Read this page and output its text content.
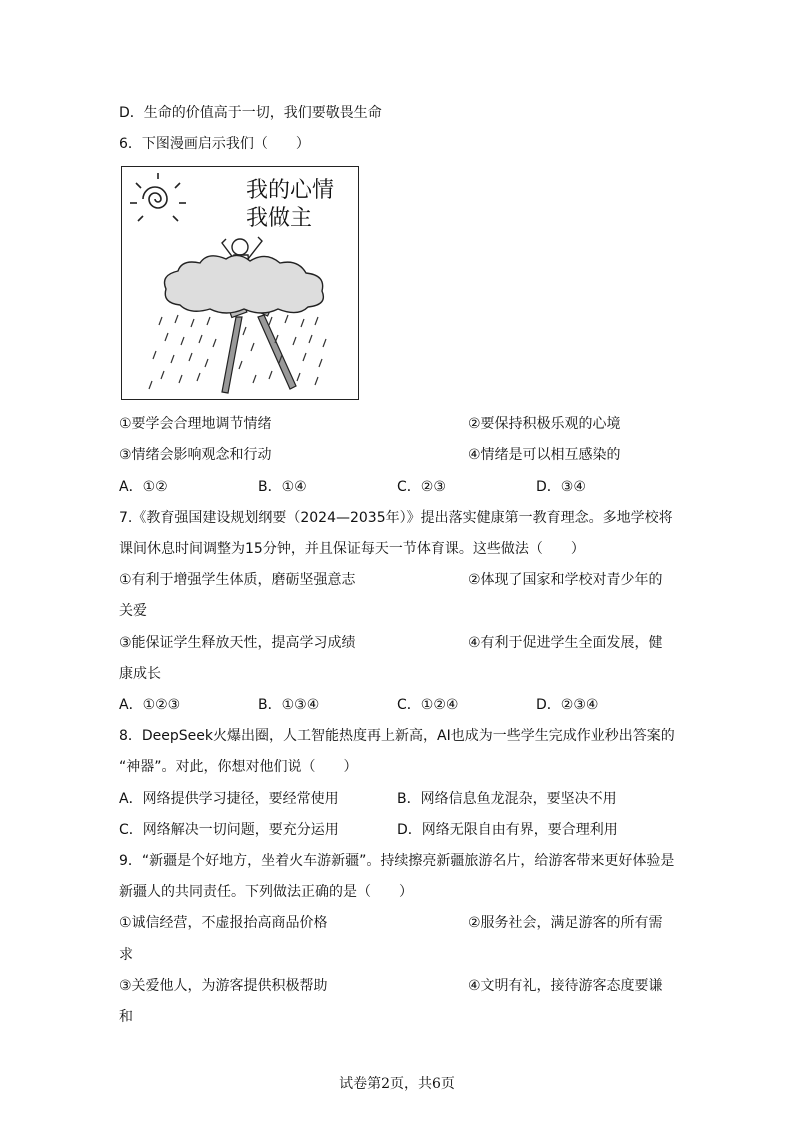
D．生命的价值高于一切，我们要敬畏生命
6．下图漫画启示我们（　　）
我的心情
我做主
①要学会合理地调节情绪	②要保持积极乐观的心境
③情绪会影响观念和行动	④情绪是可以相互感染的
A．①②	B．①④	C．②③	D．③④
7.《教育强国建设规划纲要（2024—2035年）》提出落实健康第一教育理念。多地学校将
课间休息时间调整为15分钟，并且保证每天一节体育课。这些做法（　　）
①有利于增强学生体质，磨砺坚强意志	②体现了国家和学校对青少年的
关爱
③能保证学生释放天性，提高学习成绩	④有利于促进学生全面发展，健
康成长
A．①②③	B．①③④	C．①②④	D．②③④
8．DeepSeek火爆出圈，人工智能热度再上新高，AI也成为一些学生完成作业秒出答案的
“神器”。对此，你想对他们说（　　）
A．网络提供学习捷径，要经常使用	B．网络信息鱼龙混杂，要坚决不用
C．网络解决一切问题，要充分运用	D．网络无限自由有界，要合理利用
9．“新疆是个好地方，坐着火车游新疆”。持续擦亮新疆旅游名片，给游客带来更好体验是
新疆人的共同责任。下列做法正确的是（　　）
①诚信经营，不虚报抬高商品价格	②服务社会，满足游客的所有需
求
③关爱他人，为游客提供积极帮助	④文明有礼，接待游客态度要谦
和
试卷第2页，共6页
